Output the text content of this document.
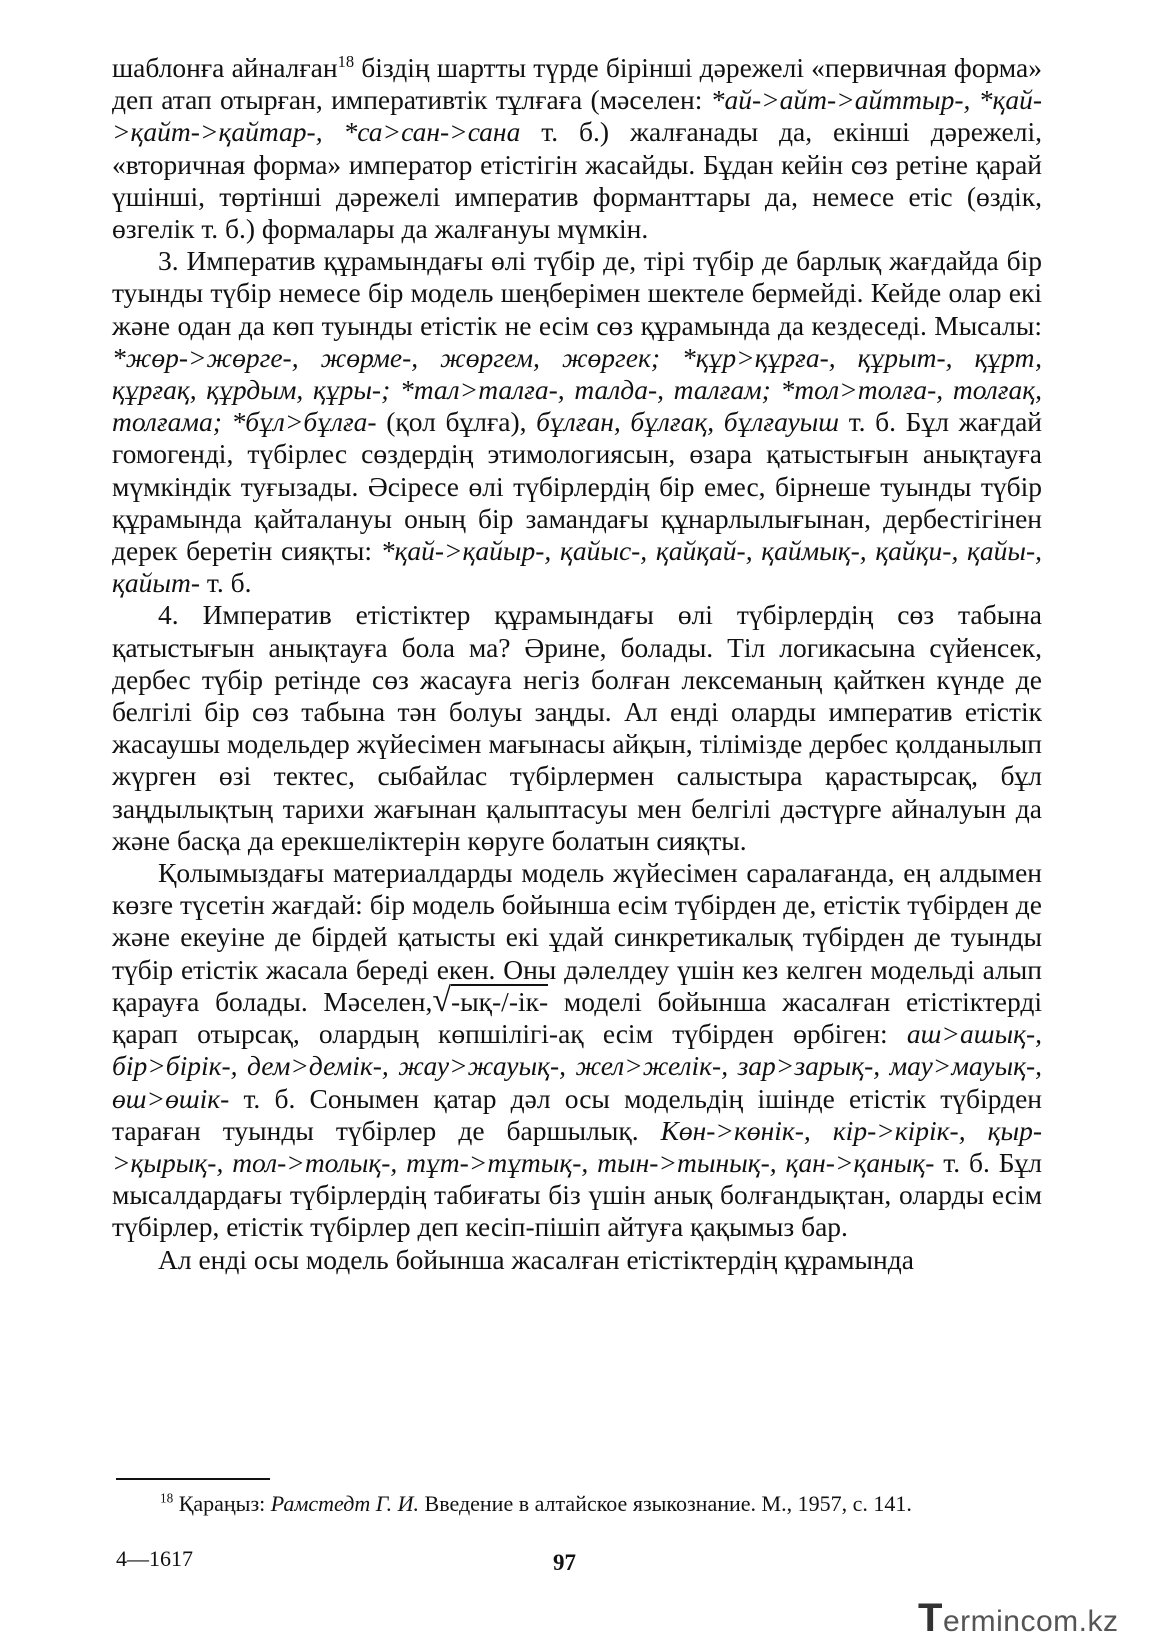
шаблонға айналған$^{18}$ біздің шартты түрде бірінші дәрежелі «первичная форма» деп атап отырған, императивтік тұлғаға (мәселен: *ай->айт->айттыр-, *қай->қайт->қайтар-, *са>сан->сана т. б.) жалғанады да, екінші дәрежелі, «вторичная форма» император етістігін жасайды. Бұдан кейін сөз ретіне қарай үшінші, төртінші дәрежелі императив форманттары да, немесе етіс (өздік, өзгелік т. б.) формалары да жалғануы мүмкін.

3. Императив құрамындағы өлі түбір де, тірі түбір де барлық жағдайда бір туынды түбір немесе бір модель шеңберімен шектеле бермейді. Кейде олар екі және одан да көп туынды етістік не есім сөз құрамында да кездеседі. Мысалы: *жөр->жөрге-, жөрме-, жөргем, жөргек; *құр>құрға-, құрыт-, құрт, құрғақ, құрдым, құры-; *тал>талға-, талда-, талғам; *тол>толға-, толғақ, толғама; *бұл>бұлға- (қол бұлға), бұлған, бұлғақ, бұлғауыш т. б. Бұл жағдай гомогенді, түбірлес сөздердің этимологиясын, өзара қатыстығын анықтауға мүмкіндік туғызады. Әсіресе өлі түбірлердің бір емес, бірнеше туынды түбір құрамында қайталануы оның бір замандағы құнарлылығынан, дербестігінен дерек беретін сияқты: *қай->қайыр-, қайыс-, қайқай-, қаймық-, қайқи-, қайы-, қайыт- т. б.

4. Императив етістіктер құрамындағы өлі түбірлердің сөз табына қатыстығын анықтауға бола ма? Әрине, болады. Тіл логикасына сүйенсек, дербес түбір ретінде сөз жасауға негіз болған лексеманың қайткен күнде де белгілі бір сөз табына тән болуы заңды. Ал енді оларды императив етістік жасаушы модельдер жүйесімен мағынасы айқын, тілімізде дербес қолданылып жүрген өзі тектес, сыбайлас түбірлермен салыстыра қарастырсақ, бұл заңдылықтың тарихи жағынан қалыптасуы мен белгілі дәстүрге айналуын да және басқа да ерекшеліктерін көруге болатын сияқты.

Қолымыздағы материалдарды модель жүйесімен саралағанда, ең алдымен көзге түсетін жағдай: бір модель бойынша есім түбірден де, етістік түбірден де және екеуіне де бірдей қатысты екі ұдай синкретикалық түбірден де туынды түбір етістік жасала береді екен. Оны дәлелдеу үшін кез келген модельді алып қарауға болады. Мәселен,√-ық-/-ік- моделі бойынша жасалған етістіктерді қарап отырсақ, олардың көпшілігі-ақ есім түбірден өрбіген: аш>ашық-, бір>бірік-, дем>демік-, жау>жауық-, жел>желік-, зар>зарық-, мау>мауық-, өш>өшік- т. б. Сонымен қатар дәл осы модельдің ішінде етістік түбірден тараған туынды түбірлер де баршылық. Көн->көнік-, кір->кірік-, қыр->қырық-, тол->толық-, тұт->тұтық-, тын->тынық-, қан->қанық- т. б. Бұл мысалдардағы түбірлердің табиғаты біз үшін анық болғандықтан, оларды есім түбірлер, етістік түбірлер деп кесіп-пішіп айтуға қақымыз бар.

Ал енді осы модель бойынша жасалған етістіктердің құрамында

$^{18}$ Қараңыз: Рамстедт Г. И. Введение в алтайское языкознание. М., 1957, с. 141.

4—1617	97
Termincom.kz
